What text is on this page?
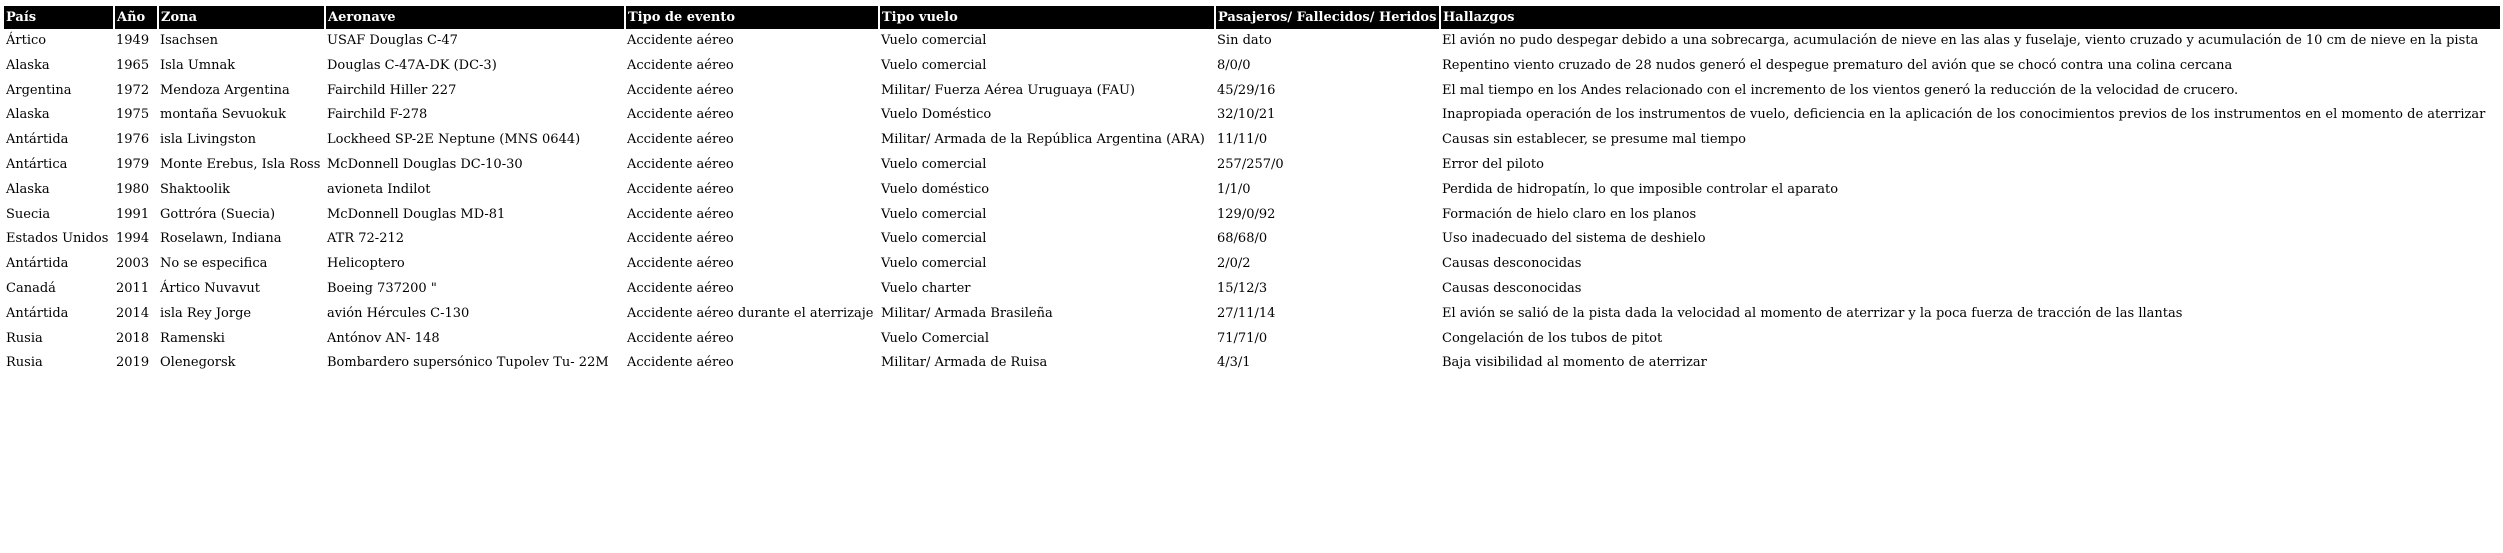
País	Año	Zona	Aeronave	Tipo de evento	Tipo vuelo	Pasajeros/ Fallecidos/ Heridos	Hallazgos
Ártico	1949	Isachsen	USAF Douglas C-47	Accidente aéreo	Vuelo comercial	Sin dato	El avión no pudo despegar debido a una sobrecarga, acumulación de nieve en las alas y fuselaje, viento cruzado y acumulación de 10 cm de nieve en la pista
Alaska	1965	Isla Umnak	Douglas C-47A-DK (DC-3)	Accidente aéreo	Vuelo comercial	8/0/0	Repentino viento cruzado de 28 nudos generó el despegue prematuro del avión que se chocó contra una colina cercana
Argentina	1972	Mendoza Argentina	Fairchild Hiller 227	Accidente aéreo	Militar/ Fuerza Aérea Uruguaya (FAU)	45/29/16	El mal tiempo en los Andes relacionado con el incremento de los vientos generó la reducción de la velocidad de crucero.
Alaska	1975	montaña Sevuokuk	Fairchild F-278	Accidente aéreo	Vuelo Doméstico	32/10/21	Inapropiada operación de los instrumentos de vuelo, deficiencia en la aplicación de los conocimientos previos de los instrumentos en el momento de aterrizar
Antártida	1976	isla Livingston	Lockheed SP-2E Neptune (MNS 0644)	Accidente aéreo	Militar/ Armada de la República Argentina (ARA)	11/11/0	Causas sin establecer, se presume mal tiempo
Antártica	1979	Monte Erebus, Isla Ross	McDonnell Douglas DC-10-30	Accidente aéreo	Vuelo comercial	257/257/0	Error del piloto
Alaska	1980	Shaktoolik	avioneta Indilot	Accidente aéreo	Vuelo doméstico	1/1/0	Perdida de hidropatín, lo que imposible controlar el aparato
Suecia	1991	Gottróra (Suecia)	McDonnell Douglas MD-81	Accidente aéreo	Vuelo comercial	129/0/92	Formación de hielo claro en los planos
Estados Unidos	1994	Roselawn, Indiana	ATR 72-212	Accidente aéreo	Vuelo comercial	68/68/0	Uso inadecuado del sistema de deshielo
Antártida	2003	No se especifica	Helicoptero	Accidente aéreo	Vuelo comercial	2/0/2	Causas desconocidas
Canadá	2011	Ártico Nuvavut	Boeing 737200 "	Accidente aéreo	Vuelo charter	15/12/3	Causas desconocidas
Antártida	2014	isla Rey Jorge	avión Hércules C-130	Accidente aéreo durante el aterrizaje	Militar/ Armada Brasileña	27/11/14	El avión se salió de la pista dada la velocidad al momento de aterrizar y la poca fuerza de tracción de las llantas
Rusia	2018	Ramenski	Antónov AN- 148	Accidente aéreo	Vuelo Comercial	71/71/0	Congelación de los tubos de pitot
Rusia	2019	Olenegorsk	Bombardero supersónico Tupolev Tu- 22M	Accidente aéreo	Militar/ Armada de Ruisa	4/3/1	Baja visibilidad al momento de aterrizar
